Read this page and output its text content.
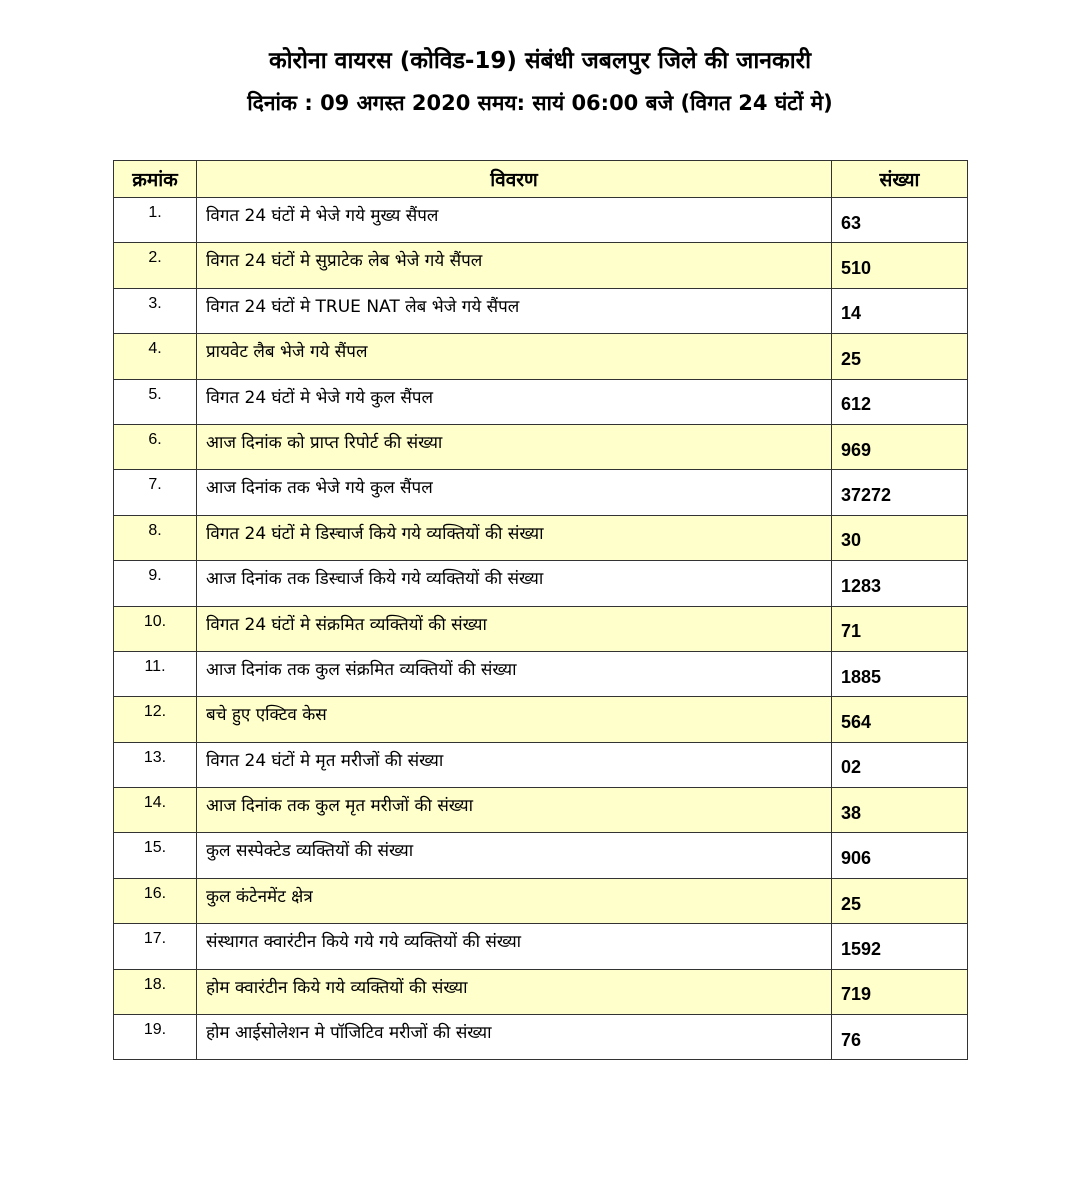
कोरोना वायरस (कोविड-19) संबंधी जबलपुर जिले की जानकारी
दिनांक : 09 अगस्त 2020 समय: सायं 06:00 बजे (विगत 24 घंटों मे)
क्रमांक	विवरण	संख्या
1.	विगत 24 घंटों मे भेजे गये मुख्य सैंपल	63
2.	विगत 24 घंटों मे सुप्राटेक लेब भेजे गये सैंपल	510
3.	विगत 24 घंटों मे TRUE NAT लेब भेजे गये सैंपल	14
4.	प्रायवेट लैब भेजे गये सैंपल	25
5.	विगत 24 घंटों मे भेजे गये कुल सैंपल	612
6.	आज दिनांक को प्राप्त रिपोर्ट की संख्या	969
7.	आज दिनांक तक भेजे गये कुल सैंपल	37272
8.	विगत 24 घंटों मे डिस्चार्ज किये गये व्यक्तियों की संख्या	30
9.	आज दिनांक तक डिस्चार्ज किये गये व्यक्तियों की संख्या	1283
10.	विगत 24 घंटों मे संक्रमित व्यक्तियों की संख्या	71
11.	आज दिनांक तक कुल संक्रमित व्यक्तियों की संख्या	1885
12.	बचे हुए एक्टिव केस	564
13.	विगत 24 घंटों मे मृत मरीजों की संख्या	02
14.	आज दिनांक तक कुल मृत मरीजों की संख्या	38
15.	कुल सस्पेक्टेड व्यक्तियों की संख्या	906
16.	कुल कंटेनमेंट क्षेत्र	25
17.	संस्थागत क्वारंटीन किये गये गये व्यक्तियों की संख्या	1592
18.	होम क्वारंटीन किये गये व्यक्तियों की संख्या	719
19.	होम आईसोलेशन मे पॉजिटिव मरीजों की संख्या	76
